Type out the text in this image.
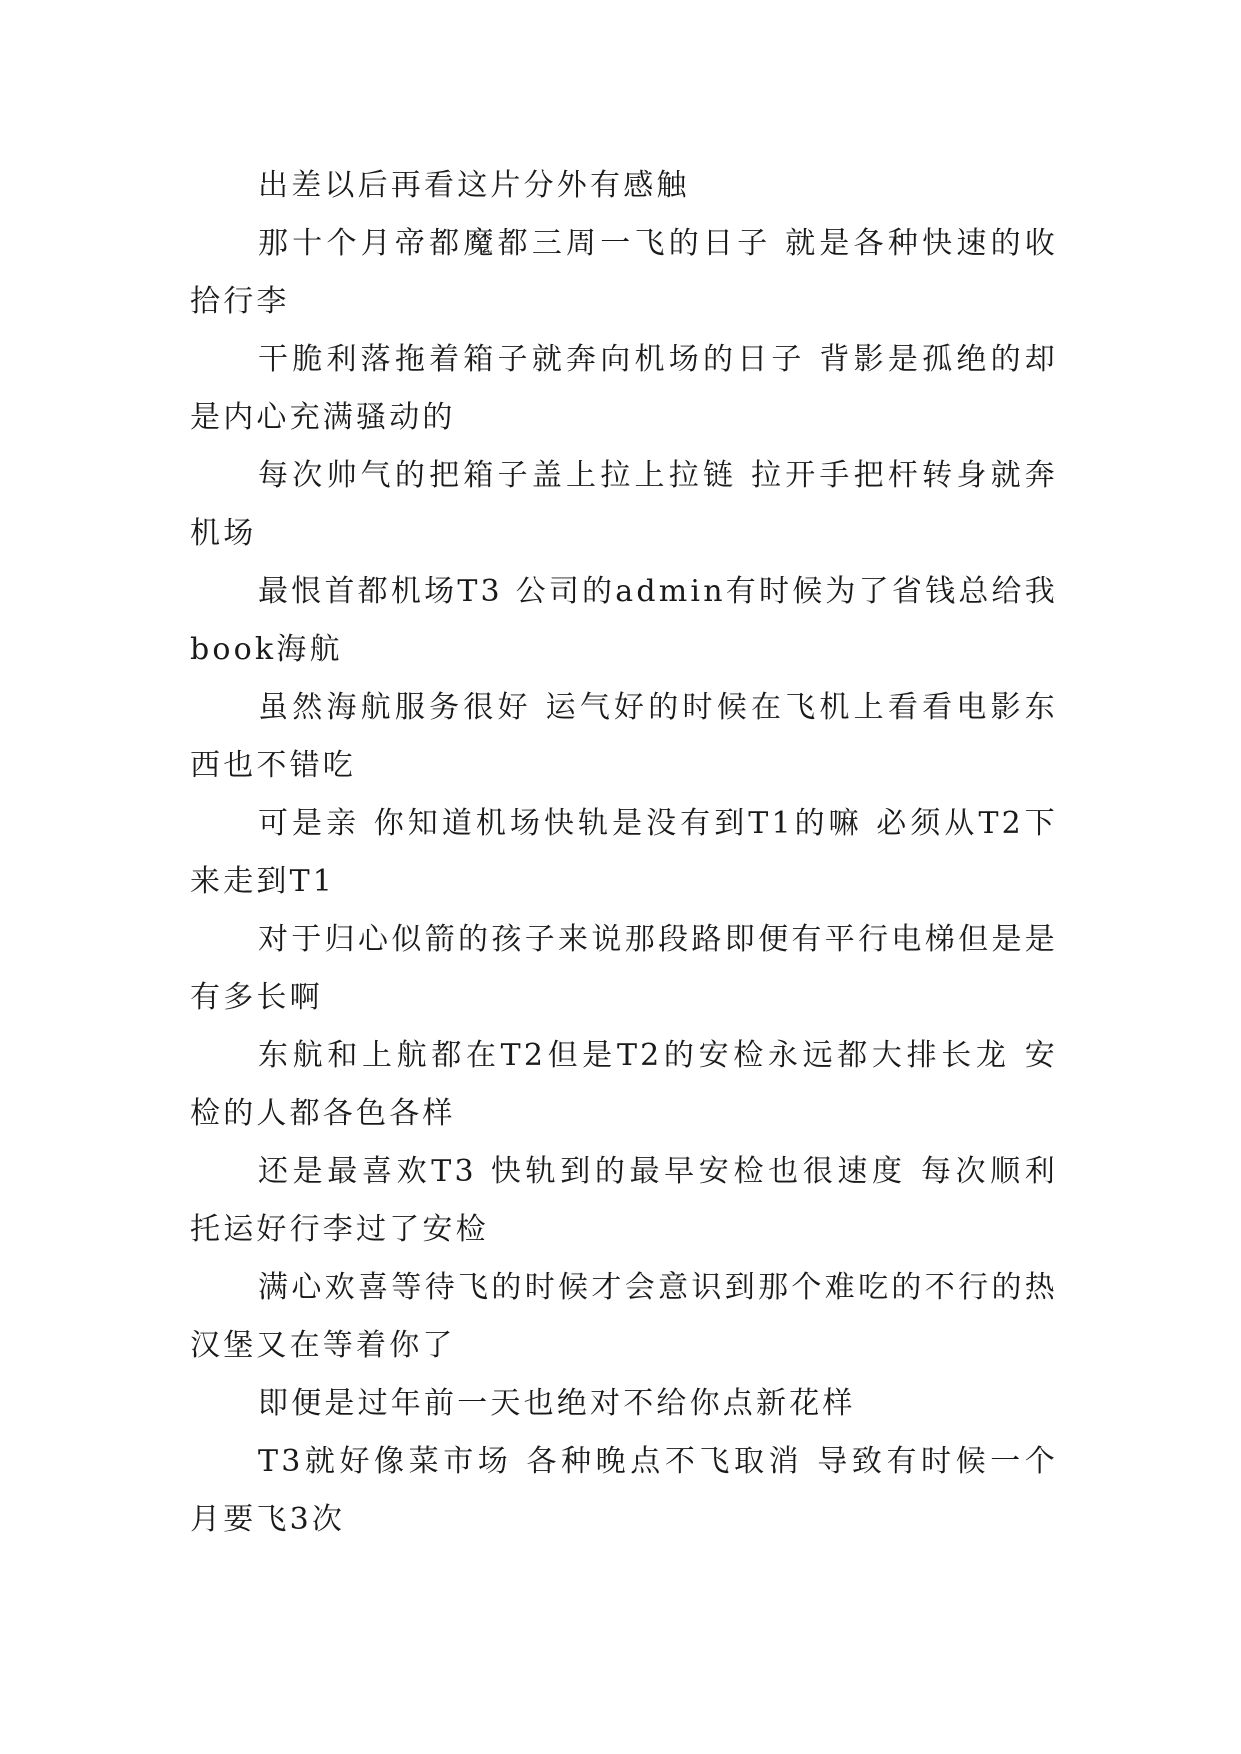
出差以后再看这片分外有感触

那十个月帝都魔都三周一飞的日子 就是各种快速的收拾行李

干脆利落拖着箱子就奔向机场的日子 背影是孤绝的却是内心充满骚动的

每次帅气的把箱子盖上拉上拉链 拉开手把杆转身就奔机场

最恨首都机场T3 公司的admin有时候为了省钱总给我book海航

虽然海航服务很好 运气好的时候在飞机上看看电影东西也不错吃

可是亲 你知道机场快轨是没有到T1的嘛 必须从T2下来走到T1

对于归心似箭的孩子来说那段路即便有平行电梯但是是有多长啊

东航和上航都在T2但是T2的安检永远都大排长龙 安检的人都各色各样

还是最喜欢T3 快轨到的最早安检也很速度 每次顺利托运好行李过了安检

满心欢喜等待飞的时候才会意识到那个难吃的不行的热汉堡又在等着你了

即便是过年前一天也绝对不给你点新花样

T3就好像菜市场 各种晚点不飞取消 导致有时候一个月要飞3次
